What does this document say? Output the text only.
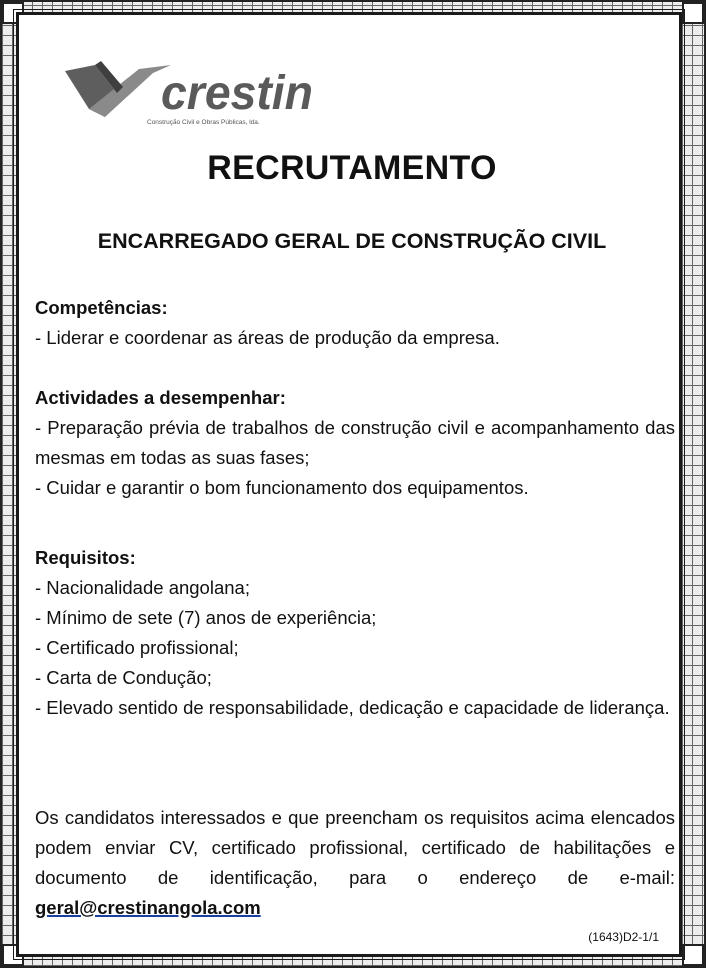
crestin
Construção Civil e Obras Públicas, lda.
RECRUTAMENTO
ENCARREGADO GERAL DE CONSTRUÇÃO CIVIL

Competências:

- Liderar e coordenar as áreas de produção da empresa.

Actividades a desempenhar:

- Preparação prévia de trabalhos de construção civil e acompanhamento das mesmas em todas as suas fases;

- Cuidar e garantir o bom funcionamento dos equipamentos.

Requisitos:

- Nacionalidade angolana;

- Mínimo de sete (7) anos de experiência;

- Certificado profissional;

- Carta de Condução;

- Elevado sentido de responsabilidade, dedicação e capacidade de liderança.

Os candidatos interessados e que preencham os requisitos acima elencados podem enviar CV, certificado profissional, certificado de habilitações e documento de identificação, para o endereço de e-mail: geral@crestinangola.com
(1643)D2-1/1
